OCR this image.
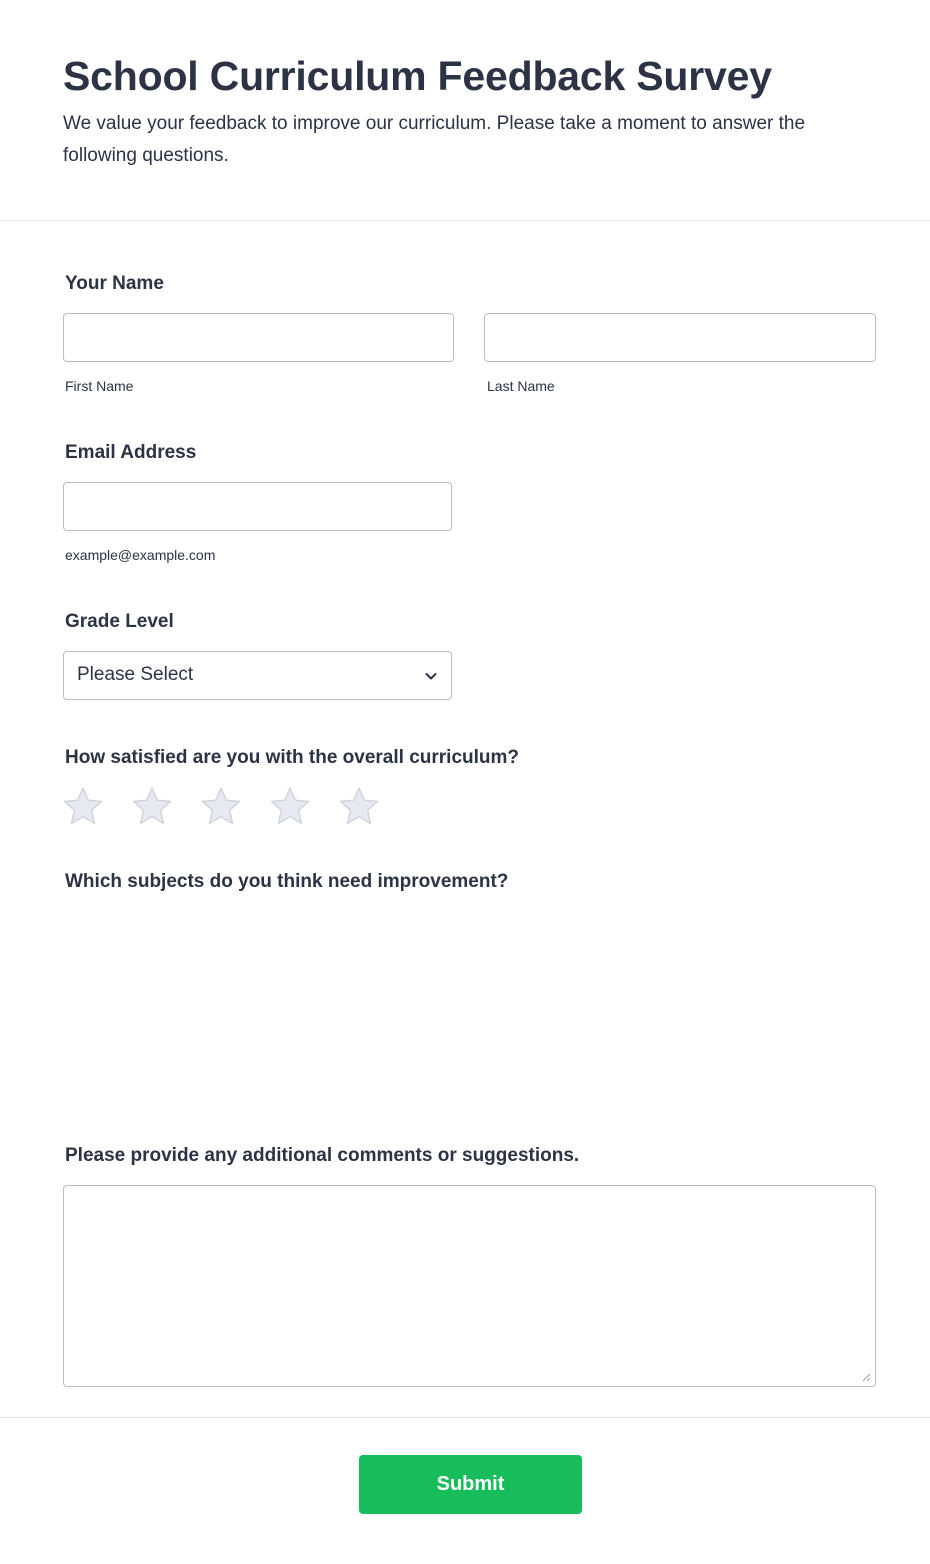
School Curriculum Feedback Survey

We value your feedback to improve our curriculum. Please take a moment to answer the following questions.

Your Name
First Name	Last Name
Email Address
example@example.com
Grade Level
Please Select
How satisfied are you with the overall curriculum?
Which subjects do you think need improvement?
Please provide any additional comments or suggestions.
Submit
